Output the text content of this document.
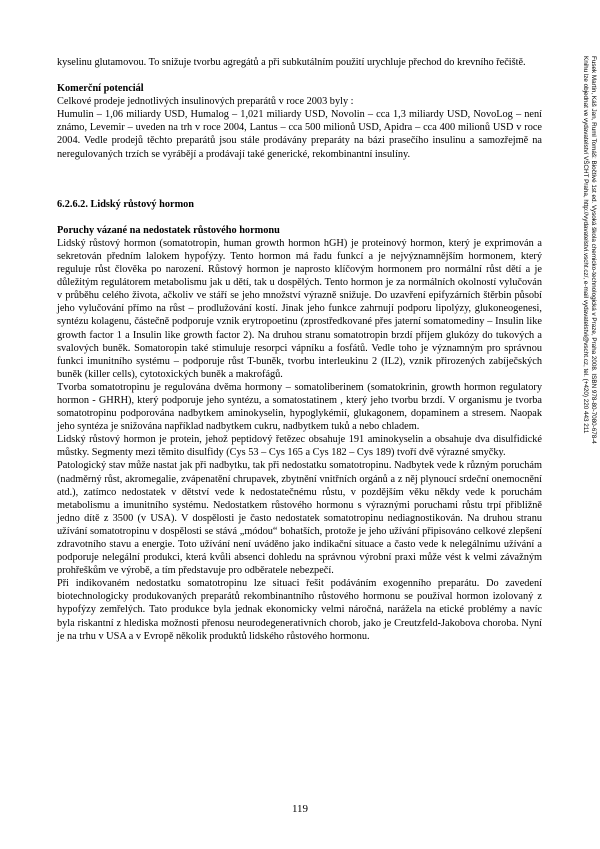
kyselinu glutamovou. To snižuje tvorbu agregátů a při subkutálním použití urychluje přechod do krevního řečiště.

Komerční potenciál

Celkové prodeje jednotlivých insulinových preparátů v roce 2003 byly :

Humulin – 1,06 miliardy USD, Humalog – 1,021 miliardy USD, Novolin – cca 1,3 miliardy USD, NovoLog – není známo, Levemir – uveden na trh v roce 2004, Lantus – cca 500 milionů USD, Apidra – cca 400 milionů USD v roce 2004. Vedle prodejů těchto preparátů jsou stále prodávány preparáty na bázi prasečího insulinu a samozřejmě na neregulovaných trzích se vyrábějí a prodávají také generické, rekombinantní insulíny.

6.2.6.2. Lidský růstový hormon

Poruchy vázané na nedostatek růstového hormonu

Lidský růstový hormon (somatotropin, human growth hormon hGH) je proteinový hormon, který je exprimován a sekretován předním lalokem hypofýzy. Tento hormon má řadu funkcí a je nejvýznamnějším hormonem, který reguluje růst člověka po narození. Růstový hormon je naprosto klíčovým hormonem pro normální růst dětí a je důležitým regulátorem metabolismu jak u dětí, tak u dospělých. Tento hormon je za normálních okolností vylučován v průběhu celého života, ačkoliv ve stáří se jeho množství výrazně snižuje. Do uzavření epifyzárních štěrbin působí jeho vylučování přímo na růst – prodlužování kostí. Jinak jeho funkce zahrnují podporu lipolýzy, glukoneogenesi, syntézu kolagenu, částečně podporuje vznik erytropoetinu (zprostředkované přes jaterní somatomediny – Insulin like growth factor 1 a Insulin like growth factor 2). Na druhou stranu somatotropin brzdí příjem glukózy do tukových a svalových buněk. Somatoropin také stimuluje resorpci vápníku a fosfátů. Vedle toho je významným pro správnou funkci imunitního systému – podporuje růst T-buněk, tvorbu interleukinu 2 (IL2), vznik přirozených zabíječských buněk (killer cells), cytotoxických buněk a makrofágů.

Tvorba somatotropinu je regulována dvěma hormony – somatoliberinem (somatokrinin, growth hormon regulatory hormon - GHRH), který podporuje jeho syntézu, a somatostatinem , který jeho tvorbu brzdí. V organismu je tvorba somatotropinu podporována nadbytkem aminokyselin, hypoglykémií, glukagonem, dopaminem a stresem. Naopak jeho syntéza je snižována například nadbytkem cukru, nadbytkem tuků a nebo chladem.

Lidský růstový hormon je protein, jehož peptidový řetězec obsahuje 191 aminokyselin a obsahuje dva disulfidické můstky. Segmenty mezi těmito disulfidy (Cys 53 – Cys 165 a Cys 182 – Cys 189) tvoří dvě výrazné smyčky.

Patologický stav může nastat jak při nadbytku, tak při nedostatku somatotropinu. Nadbytek vede k různým poruchám (nadměrný růst, akromegalie, zvápenatění chrupavek, zbytnění vnitřních orgánů a z něj plynoucí srdeční onemocnění atd.), zatímco nedostatek v dětství vede k nedostatečnému růstu, v pozdějším věku někdy vede k poruchám metabolismu a imunitního systému. Nedostatkem růstového hormonu s výraznými poruchami růstu trpí přibližně jedno dítě z 3500 (v USA). V dospělosti je často nedostatek somatotropinu nediagnostikován. Na druhou stranu užívání somatotropinu v dospělosti se stává „módou“ bohatších, protože je jeho užívání připisováno celkové zlepšení zdravotního stavu a energie. Toto užívání není uváděno jako indikační situace a často vede k nelegálnímu užívání a podporuje nelegální produkci, která kvůli absenci dohledu na správnou výrobní praxi může vést k velmi závažným prohřeškům ve výrobě, a tím představuje pro odběratele nebezpečí.

Při indikovaném nedostatku somatotropinu lze situaci řešit podáváním exogenního preparátu. Do zavedení biotechnologicky produkovaných preparátů rekombinantního růstového hormonu se používal hormon izolovaný z hypofýzy zemřelých. Tato produkce byla jednak ekonomicky velmi náročná, narážela na etické problémy a navíc byla riskantní z hlediska možnosti přenosu neurodegenerativních chorob, jako je Creutzfeld-Jakobova choroba. Nyní je na trhu v USA a v Evropě několik produktů lidského růstového hormonu.

119
Fusek Martin, Káš Jan, Ruml Tomáš: Biočtivé 1st ed. Vysoká škola chemicko-technologická v Praze, Praha 2008. ISBN 978-80-7080-678-4
Knihu lze objednat ve vydavatelství VŠCHT Praha, http://vydavatelstvi.vscht.cz/, e-mail vydavatelstvi@vscht.cz, tel. (+420) 220 443 211
